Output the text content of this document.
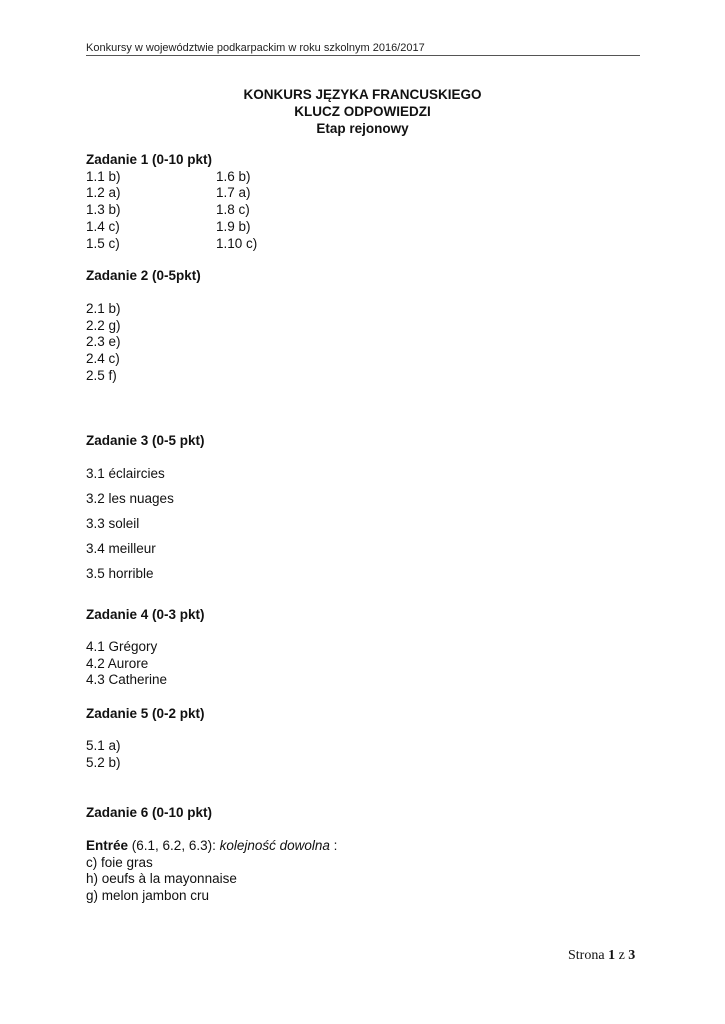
Konkursy w województwie podkarpackim w roku szkolnym 2016/2017
KONKURS JĘZYKA FRANCUSKIEGO
KLUCZ ODPOWIEDZI
Etap rejonowy
Zadanie 1 (0-10 pkt)
1.1 b)	1.6 b)
1.2 a)	1.7 a)
1.3 b)	1.8 c)
1.4 c)	1.9 b)
1.5 c)	1.10 c)
Zadanie 2 (0-5pkt)
2.1 b)
2.2 g)
2.3 e)
2.4 c)
2.5 f)
Zadanie 3 (0-5 pkt)
3.1 éclaircies
3.2 les nuages
3.3 soleil
3.4 meilleur
3.5 horrible
Zadanie 4 (0-3 pkt)
4.1 Grégory
4.2 Aurore
4.3 Catherine
Zadanie 5 (0-2 pkt)
5.1 a)
5.2 b)
Zadanie 6 (0-10 pkt)
Entrée (6.1, 6.2, 6.3): kolejność dowolna :
c) foie gras
h) oeufs à la mayonnaise
g) melon jambon cru
Strona 1 z 3
